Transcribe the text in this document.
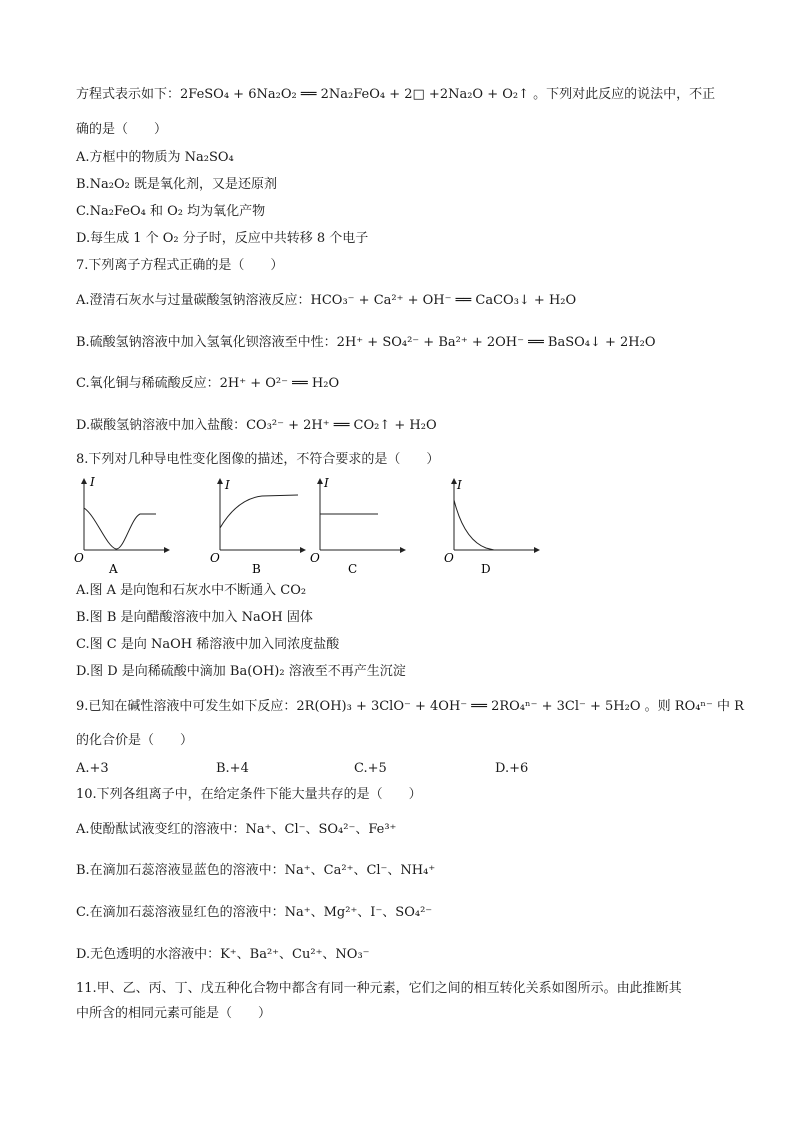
方程式表示如下：2FeSO₄ + 6Na₂O₂ ══ 2Na₂FeO₄ + 2□ +2Na₂O + O₂↑ 。下列对此反应的说法中，不正
确的是（　　）
A.方框中的物质为 Na₂SO₄
B.Na₂O₂ 既是氧化剂，又是还原剂
C.Na₂FeO₄ 和 O₂ 均为氧化产物
D.每生成 1 个 O₂ 分子时，反应中共转移 8 个电子
7.下列离子方程式正确的是（　　）
A.澄清石灰水与过量碳酸氢钠溶液反应：HCO₃⁻ + Ca²⁺ + OH⁻ ══ CaCO₃↓ + H₂O
B.硫酸氢钠溶液中加入氢氧化钡溶液至中性：2H⁺ + SO₄²⁻ + Ba²⁺ + 2OH⁻ ══ BaSO₄↓ + 2H₂O
C.氧化铜与稀硫酸反应：2H⁺ + O²⁻ ══ H₂O
D.碳酸氢钠溶液中加入盐酸：CO₃²⁻ + 2H⁺ ══ CO₂↑ + H₂O
8.下列对几种导电性变化图像的描述，不符合要求的是（　　）
I
O
A
I
O
B
I
O
C
I
O
D
A.图 A 是向饱和石灰水中不断通入 CO₂
B.图 B 是向醋酸溶液中加入 NaOH 固体
C.图 C 是向 NaOH 稀溶液中加入同浓度盐酸
D.图 D 是向稀硫酸中滴加 Ba(OH)₂ 溶液至不再产生沉淀
9.已知在碱性溶液中可发生如下反应：2R(OH)₃ + 3ClO⁻ + 4OH⁻ ══ 2RO₄ⁿ⁻ + 3Cl⁻ + 5H₂O 。则 RO₄ⁿ⁻ 中 R
的化合价是（　　）
A.+3	B.+4	C.+5	D.+6
10.下列各组离子中，在给定条件下能大量共存的是（　　）
A.使酚酞试液变红的溶液中：Na⁺、Cl⁻、SO₄²⁻、Fe³⁺
B.在滴加石蕊溶液显蓝色的溶液中：Na⁺、Ca²⁺、Cl⁻、NH₄⁺
C.在滴加石蕊溶液显红色的溶液中：Na⁺、Mg²⁺、I⁻、SO₄²⁻
D.无色透明的水溶液中：K⁺、Ba²⁺、Cu²⁺、NO₃⁻
11.甲、乙、丙、丁、戊五种化合物中都含有同一种元素，它们之间的相互转化关系如图所示。由此推断其
中所含的相同元素可能是（　　）
